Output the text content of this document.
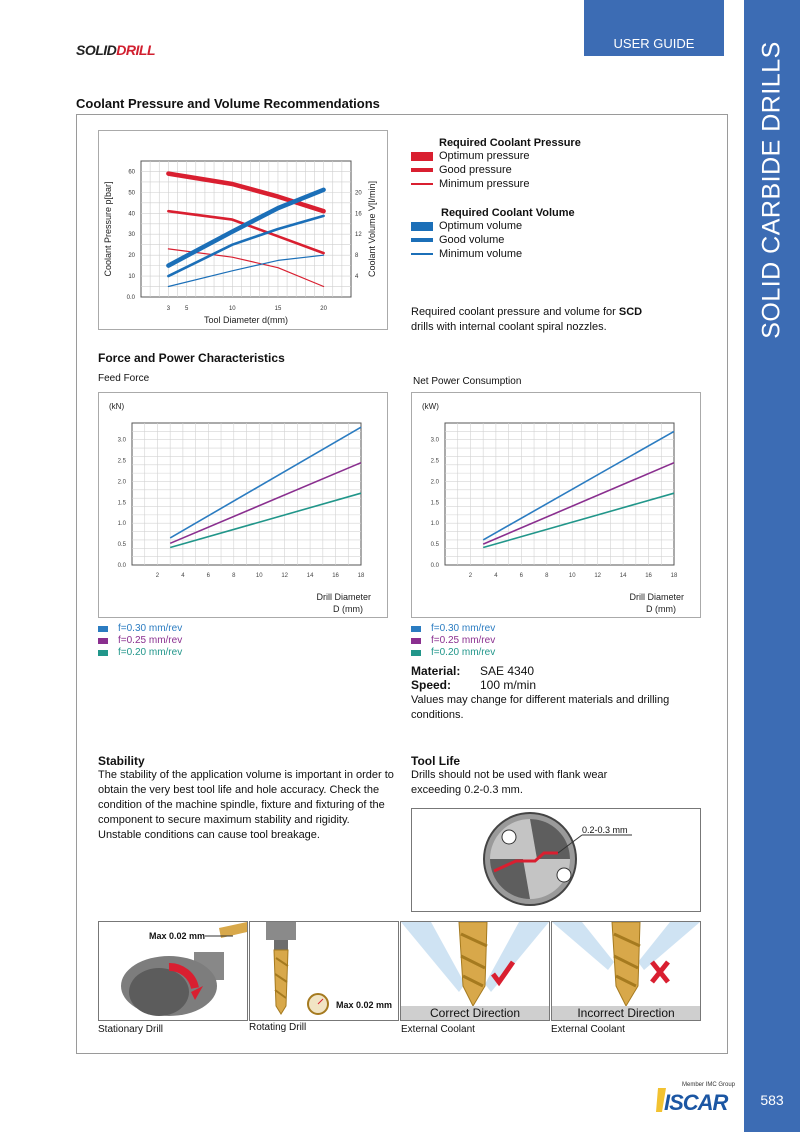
USER GUIDE	SOLID CARBIDE DRILLS
583
SOLIDDRILL
Coolant Pressure and Volume Recommendations
3 5	10	15	20
0.0
10
20
30
40
50
60
4
8
12
16
20
Tool Diameter d(mm)
Coolant Pressure p[bar]	Coolant Volume V[l/min]
Required Coolant Pressure
Optimum pressure
Good pressure
Minimum pressure
Required Coolant Volume
Optimum volume
Good volume
Minimum volume
Required coolant pressure and volume for SCD
drills with internal coolant spiral nozzles.
Force and Power Characteristics
Feed Force	Net Power Consumption
2	4	6	8	10	12	14	16	18
0.0
0.5
1.0
1.5
2.0
2.5
3.0
(kN)
Drill Diameter
D (mm)
2	4	6	8	10	12	14	16	18
0.0
0.5
1.0
1.5
2.0
2.5
3.0
(kW)
Drill Diameter
D (mm)
f=0.30 mm/rev
f=0.25 mm/rev
f=0.20 mm/rev
f=0.30 mm/rev
f=0.25 mm/rev
f=0.20 mm/rev
Material: SAE 4340
Speed: 100 m/min
Values may change for different materials and drilling conditions.
Stability
The stability of the application volume is important in order to obtain the very best tool life and hole accuracy. Check the condition of the machine spindle, fixture and fixturing of the component to secure maximum stability and rigidity. Unstable conditions can cause tool breakage.
Tool Life
Drills should not be used with flank wear exceeding 0.2-0.3 mm.
0.2-0.3 mm
Max 0.02 mm
Max 0.02 mm
Correct Direction	Incorrect Direction
Stationary Drill	Rotating Drill	External Coolant	External Coolant
Member IMC Group
ISCAR
